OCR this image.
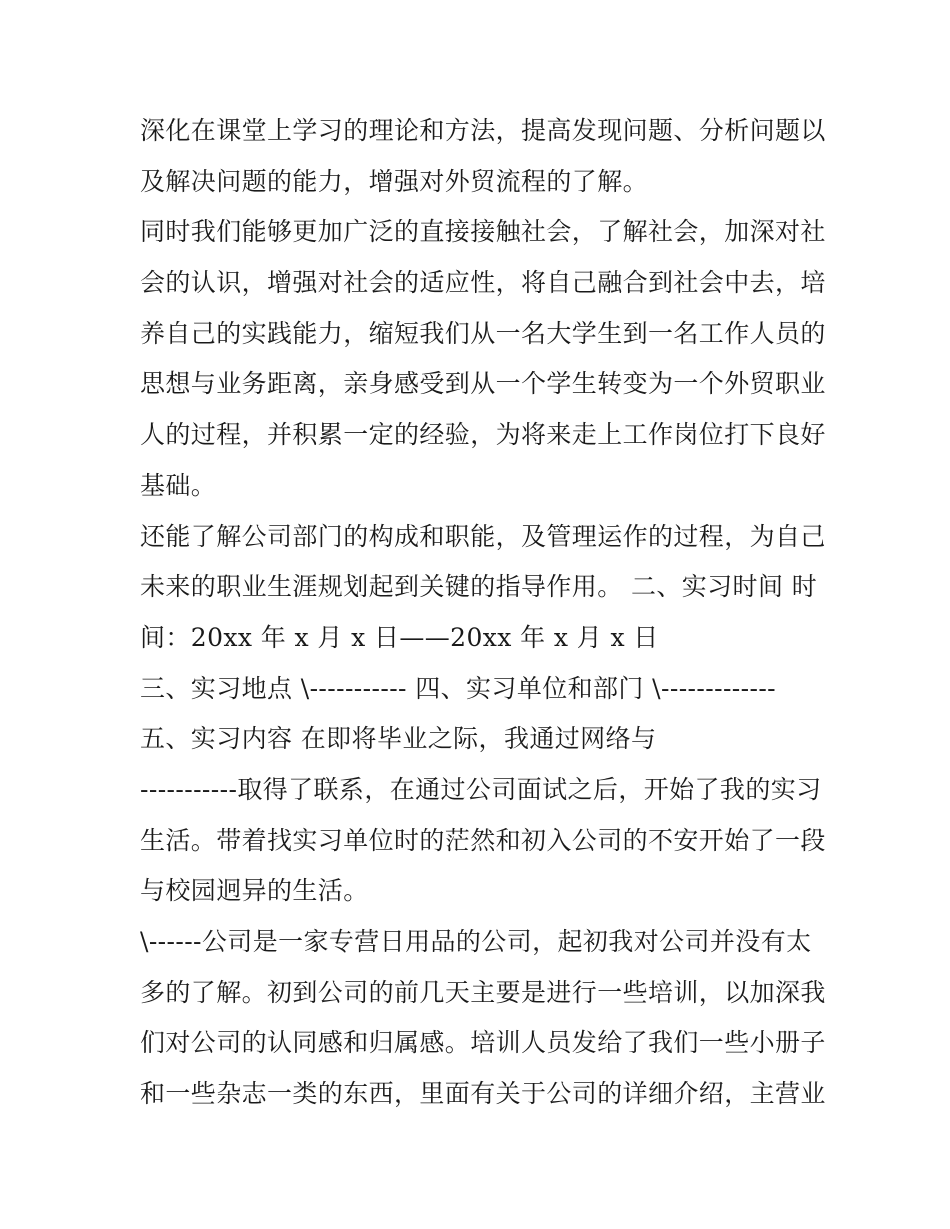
深化在课堂上学习的理论和方法，提高发现问题、分析问题以
及解决问题的能力，增强对外贸流程的了解。
同时我们能够更加广泛的直接接触社会，了解社会，加深对社
会的认识，增强对社会的适应性，将自己融合到社会中去，培
养自己的实践能力，缩短我们从一名大学生到一名工作人员的
思想与业务距离，亲身感受到从一个学生转变为一个外贸职业
人的过程，并积累一定的经验，为将来走上工作岗位打下良好
基础。
还能了解公司部门的构成和职能，及管理运作的过程，为自己
未来的职业生涯规划起到关键的指导作用。 二、实习时间 时
间：20xx 年 x 月 x 日——20xx 年 x 月 x 日
三、实习地点 \----------- 四、实习单位和部门 \-------------
五、实习内容 在即将毕业之际，我通过网络与
-----------取得了联系，在通过公司面试之后，开始了我的实习
生活。带着找实习单位时的茫然和初入公司的不安开始了一段
与校园迥异的生活。
\------公司是一家专营日用品的公司，起初我对公司并没有太
多的了解。初到公司的前几天主要是进行一些培训，以加深我
们对公司的认同感和归属感。培训人员发给了我们一些小册子
和一些杂志一类的东西，里面有关于公司的详细介绍，主营业
